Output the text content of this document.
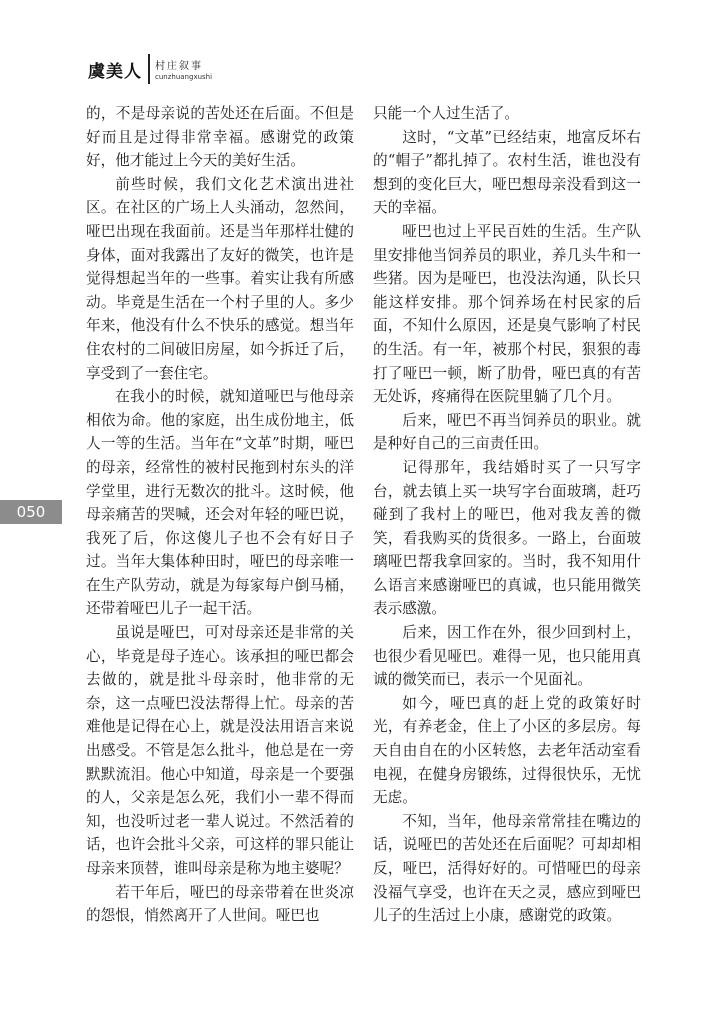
虞美人 村庄叙事
cunzhuangxushi
050

的，不是母亲说的苦处还在后面。不但是好而且是过得非常幸福。感谢党的政策好，他才能过上今天的美好生活。

前些时候，我们文化艺术演出进社区。在社区的广场上人头涌动，忽然间，哑巴出现在我面前。还是当年那样壮健的身体，面对我露出了友好的微笑，也许是觉得想起当年的一些事。着实让我有所感动。毕竟是生活在一个村子里的人。多少年来，他没有什么不快乐的感觉。想当年住农村的二间破旧房屋，如今拆迁了后，享受到了一套住宅。

在我小的时候，就知道哑巴与他母亲相依为命。他的家庭，出生成份地主，低人一等的生活。当年在“文革”时期，哑巴的母亲，经常性的被村民拖到村东头的洋学堂里，进行无数次的批斗。这时候，他母亲痛苦的哭喊，还会对年轻的哑巴说，我死了后，你这傻儿子也不会有好日子过。当年大集体种田时，哑巴的母亲唯一在生产队劳动，就是为每家每户倒马桶，还带着哑巴儿子一起干活。

虽说是哑巴，可对母亲还是非常的关心，毕竟是母子连心。该承担的哑巴都会去做的，就是批斗母亲时，他非常的无奈，这一点哑巴没法帮得上忙。母亲的苦难他是记得在心上，就是没法用语言来说出感受。不管是怎么批斗，他总是在一旁默默流泪。他心中知道，母亲是一个要强的人，父亲是怎么死，我们小一辈不得而知，也没听过老一辈人说过。不然活着的话，也许会批斗父亲，可这样的罪只能让母亲来顶替，谁叫母亲是称为地主婆呢？

若干年后，哑巴的母亲带着在世炎凉的怨恨，悄然离开了人世间。哑巴也

只能一个人过生活了。

这时，“文革”已经结束，地富反坏右的“帽子”都扎掉了。农村生活，谁也没有想到的变化巨大，哑巴想母亲没看到这一天的幸福。

哑巴也过上平民百姓的生活。生产队里安排他当饲养员的职业，养几头牛和一些猪。因为是哑巴，也没法沟通，队长只能这样安排。那个饲养场在村民家的后面，不知什么原因，还是臭气影响了村民的生活。有一年，被那个村民，狠狠的毒打了哑巴一顿，断了肋骨，哑巴真的有苦无处诉，疼痛得在医院里躺了几个月。

后来，哑巴不再当饲养员的职业。就是种好自己的三亩责任田。

记得那年，我结婚时买了一只写字台，就去镇上买一块写字台面玻璃，赶巧碰到了我村上的哑巴，他对我友善的微笑，看我购买的货很多。一路上，台面玻璃哑巴帮我拿回家的。当时，我不知用什么语言来感谢哑巴的真诚，也只能用微笑表示感激。

后来，因工作在外，很少回到村上，也很少看见哑巴。难得一见，也只能用真诚的微笑而已，表示一个见面礼。

如今，哑巴真的赶上党的政策好时光，有养老金，住上了小区的多层房。每天自由自在的小区转悠，去老年活动室看电视，在健身房锻练，过得很快乐，无忧无虑。

不知，当年，他母亲常常挂在嘴边的话，说哑巴的苦处还在后面呢？可却却相反，哑巴，活得好好的。可惜哑巴的母亲没福气享受，也许在天之灵，感应到哑巴儿子的生活过上小康，感谢党的政策。
